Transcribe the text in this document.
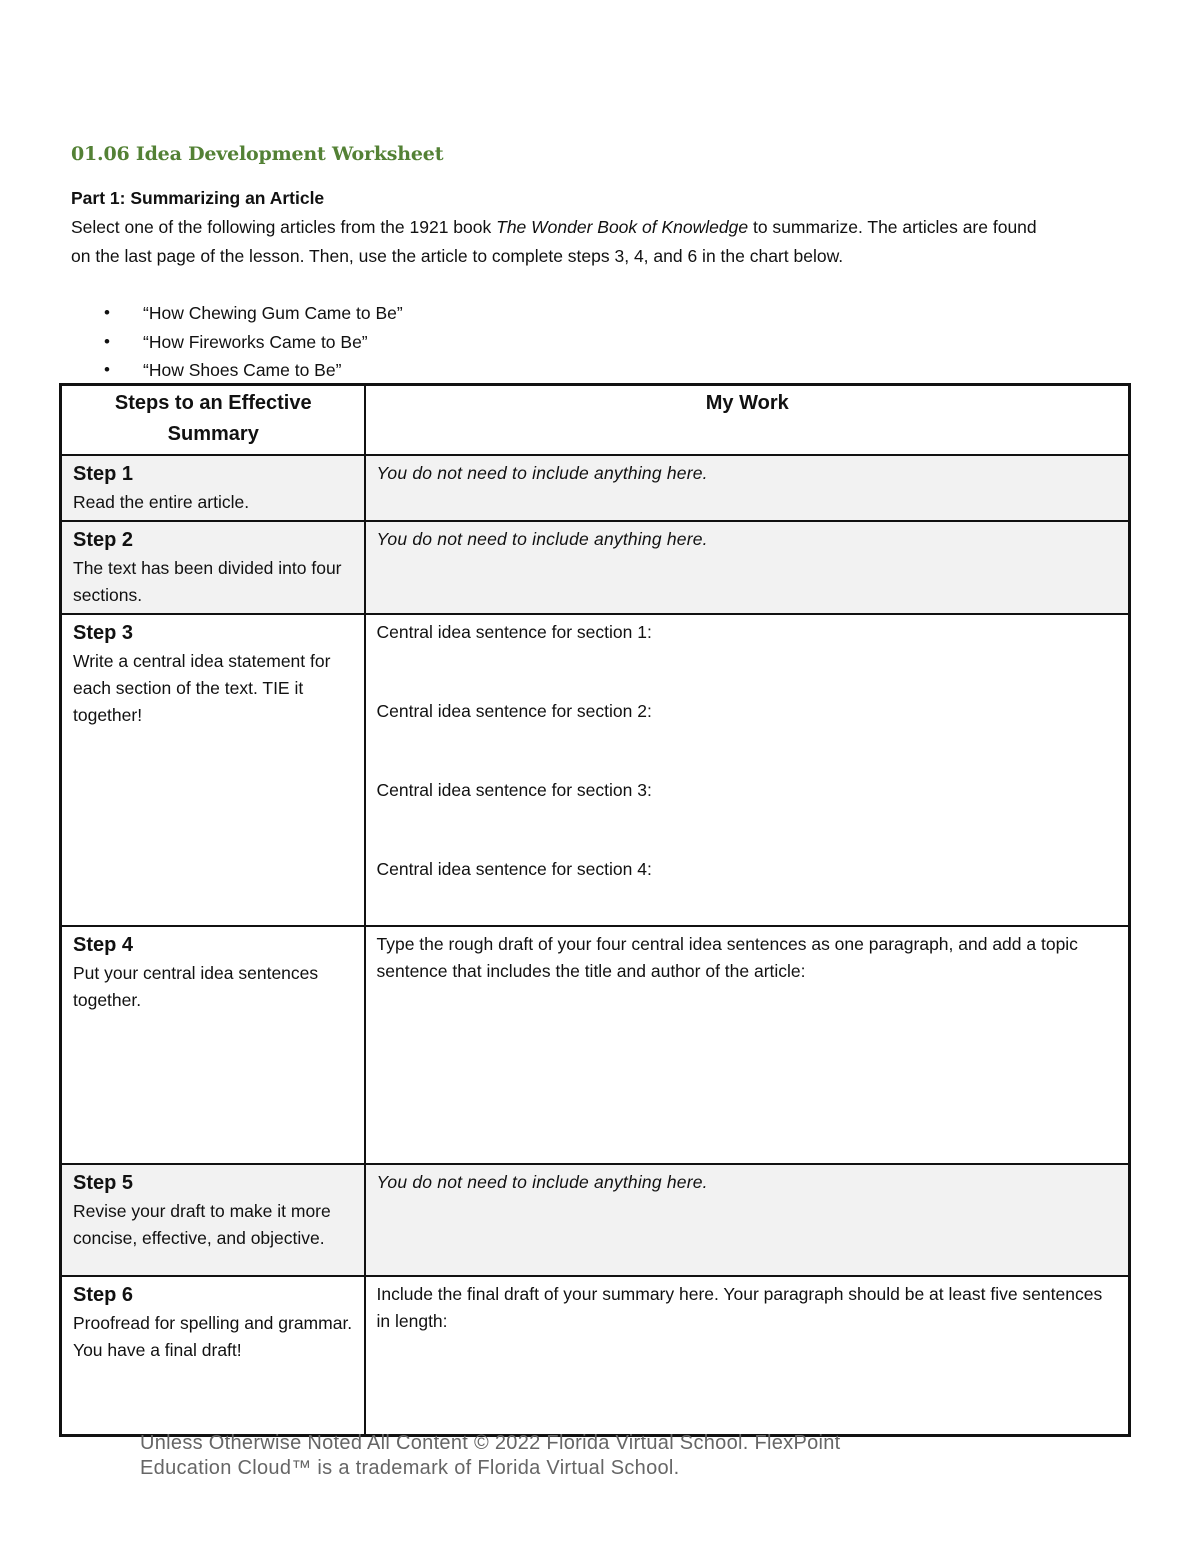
01.06 Idea Development Worksheet

Part 1: Summarizing an Article

Select one of the following articles from the 1921 book The Wonder Book of Knowledge to summarize. The articles are found on the last page of the lesson. Then, use the article to complete steps 3, 4, and 6 in the chart below.

• “How Chewing Gum Came to Be”
• “How Fireworks Came to Be”
• “How Shoes Came to Be”
Steps to an Effective Summary	My Work

Step 1
Read the entire article.	You do not need to include anything here.

Step 2
The text has been divided into four sections.	You do not need to include anything here.

Step 3
Write a central idea statement for each section of the text. TIE it together!	Central idea sentence for section 1:
Central idea sentence for section 2:
Central idea sentence for section 3:
Central idea sentence for section 4:

Step 4
Put your central idea sentences together.	Type the rough draft of your four central idea sentences as one paragraph, and add a topic sentence that includes the title and author of the article:

Step 5
Revise your draft to make it more concise, effective, and objective.	You do not need to include anything here.

Step 6
Proofread for spelling and grammar. You have a final draft!	Include the final draft of your summary here. Your paragraph should be at least five sentences in length:

Unless Otherwise Noted All Content © 2022 Florida Virtual School. FlexPoint
Education Cloud™ is a trademark of Florida Virtual School.
